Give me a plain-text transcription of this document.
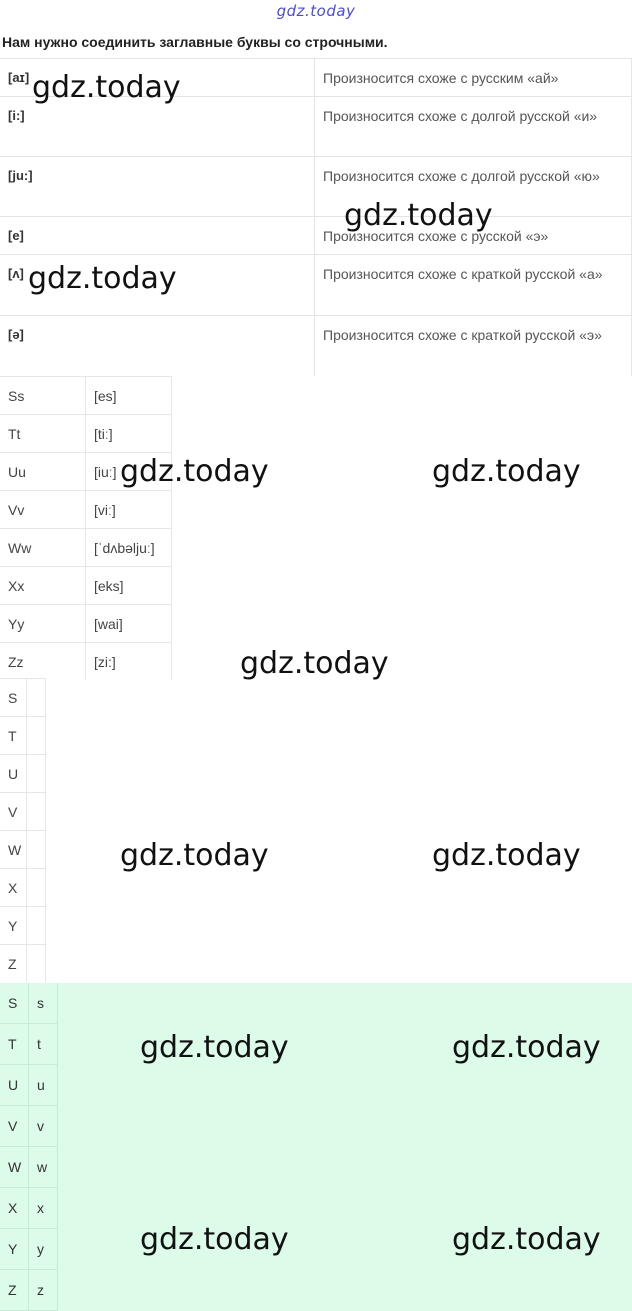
gdz.today
Нам нужно соединить заглавные буквы со строчными.
[aɪ]	Произносится схоже с русским «ай»
[i:]	Произносится схоже с долгой русской «и»
[ju:]	Произносится схоже с долгой русской «ю»
[e]	Произносится схоже с русской «э»
[ʌ]	Произносится схоже с краткой русской «а»
[ə]	Произносится схоже с краткой русской «э»
Ss	[es]
Tt	[tiː]
Uu	[iuː]
Vv	[viː]
Ww	[ˈdʌbəljuː]
Xx	[eks]
Yy	[wai]
Zz	[zi:]
S	
T	
U	
V	
W	
X	
Y	
Z	
S	s
T	t
U	u
V	v
W	w
X	x
Y	y
Z	z
gdz.today
gdz.today
gdz.today
gdz.today	gdz.today
gdz.today
gdz.today	gdz.today
gdz.today	gdz.today
gdz.today	gdz.today
